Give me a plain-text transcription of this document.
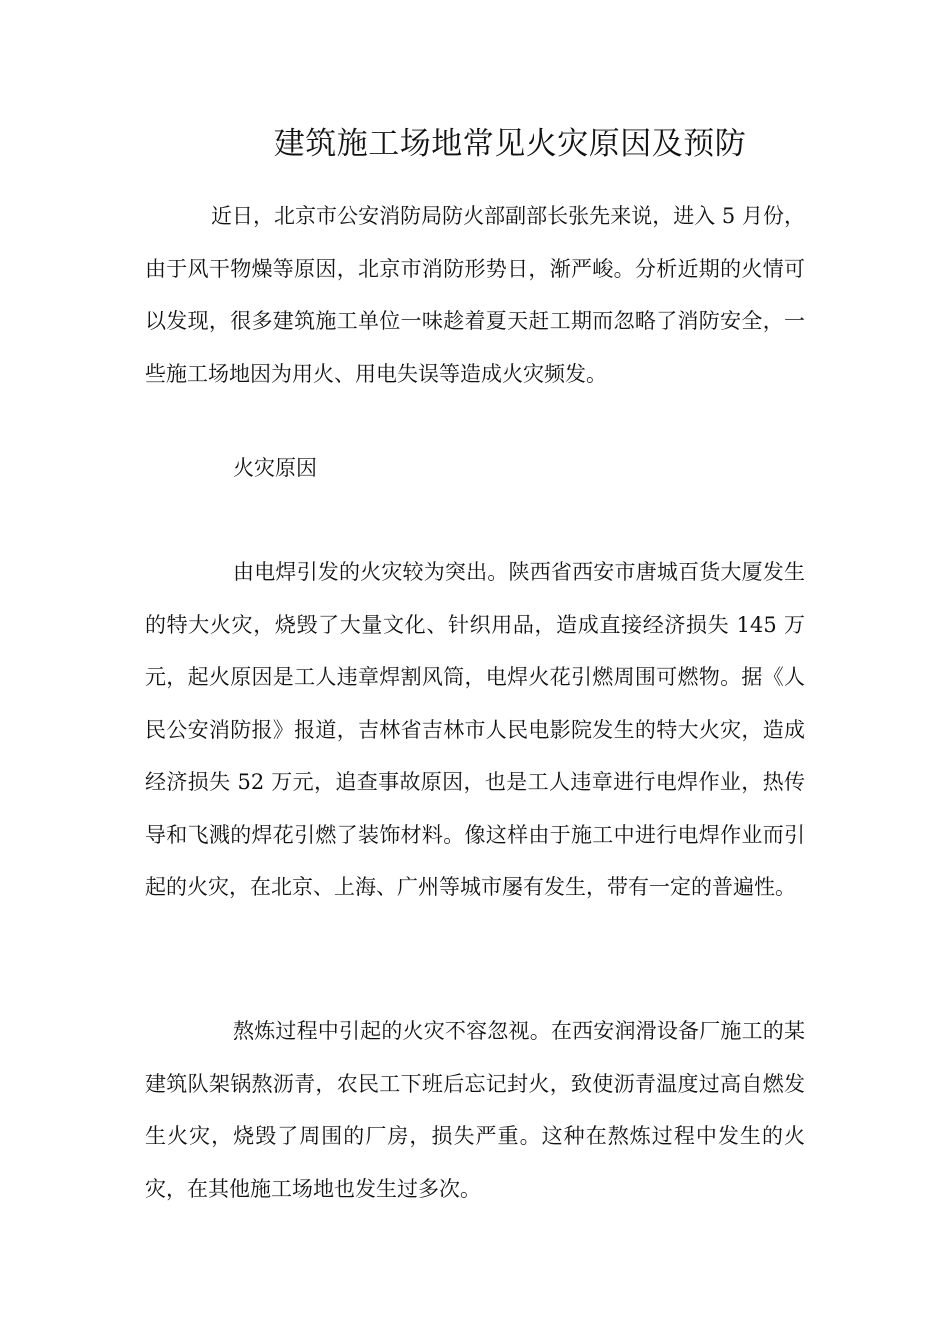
建筑施工场地常见火灾原因及预防

近日，北京市公安消防局防火部副部长张先来说，进入 5 月份，由于风干物燥等原因，北京市消防形势日，渐严峻。分析近期的火情可以发现，很多建筑施工单位一味趁着夏天赶工期而忽略了消防安全，一些施工场地因为用火、用电失误等造成火灾频发。

火灾原因

由电焊引发的火灾较为突出。陕西省西安市唐城百货大厦发生的特大火灾，烧毁了大量文化、针织用品，造成直接经济损失 145 万元，起火原因是工人违章焊割风筒，电焊火花引燃周围可燃物。据《人民公安消防报》报道，吉林省吉林市人民电影院发生的特大火灾，造成经济损失 52 万元，追查事故原因，也是工人违章进行电焊作业，热传导和飞溅的焊花引燃了装饰材料。像这样由于施工中进行电焊作业而引起的火灾，在北京、上海、广州等城市屡有发生，带有一定的普遍性。

熬炼过程中引起的火灾不容忽视。在西安润滑设备厂施工的某建筑队架锅熬沥青，农民工下班后忘记封火，致使沥青温度过高自燃发生火灾，烧毁了周围的厂房，损失严重。这种在熬炼过程中发生的火灾，在其他施工场地也发生过多次。
